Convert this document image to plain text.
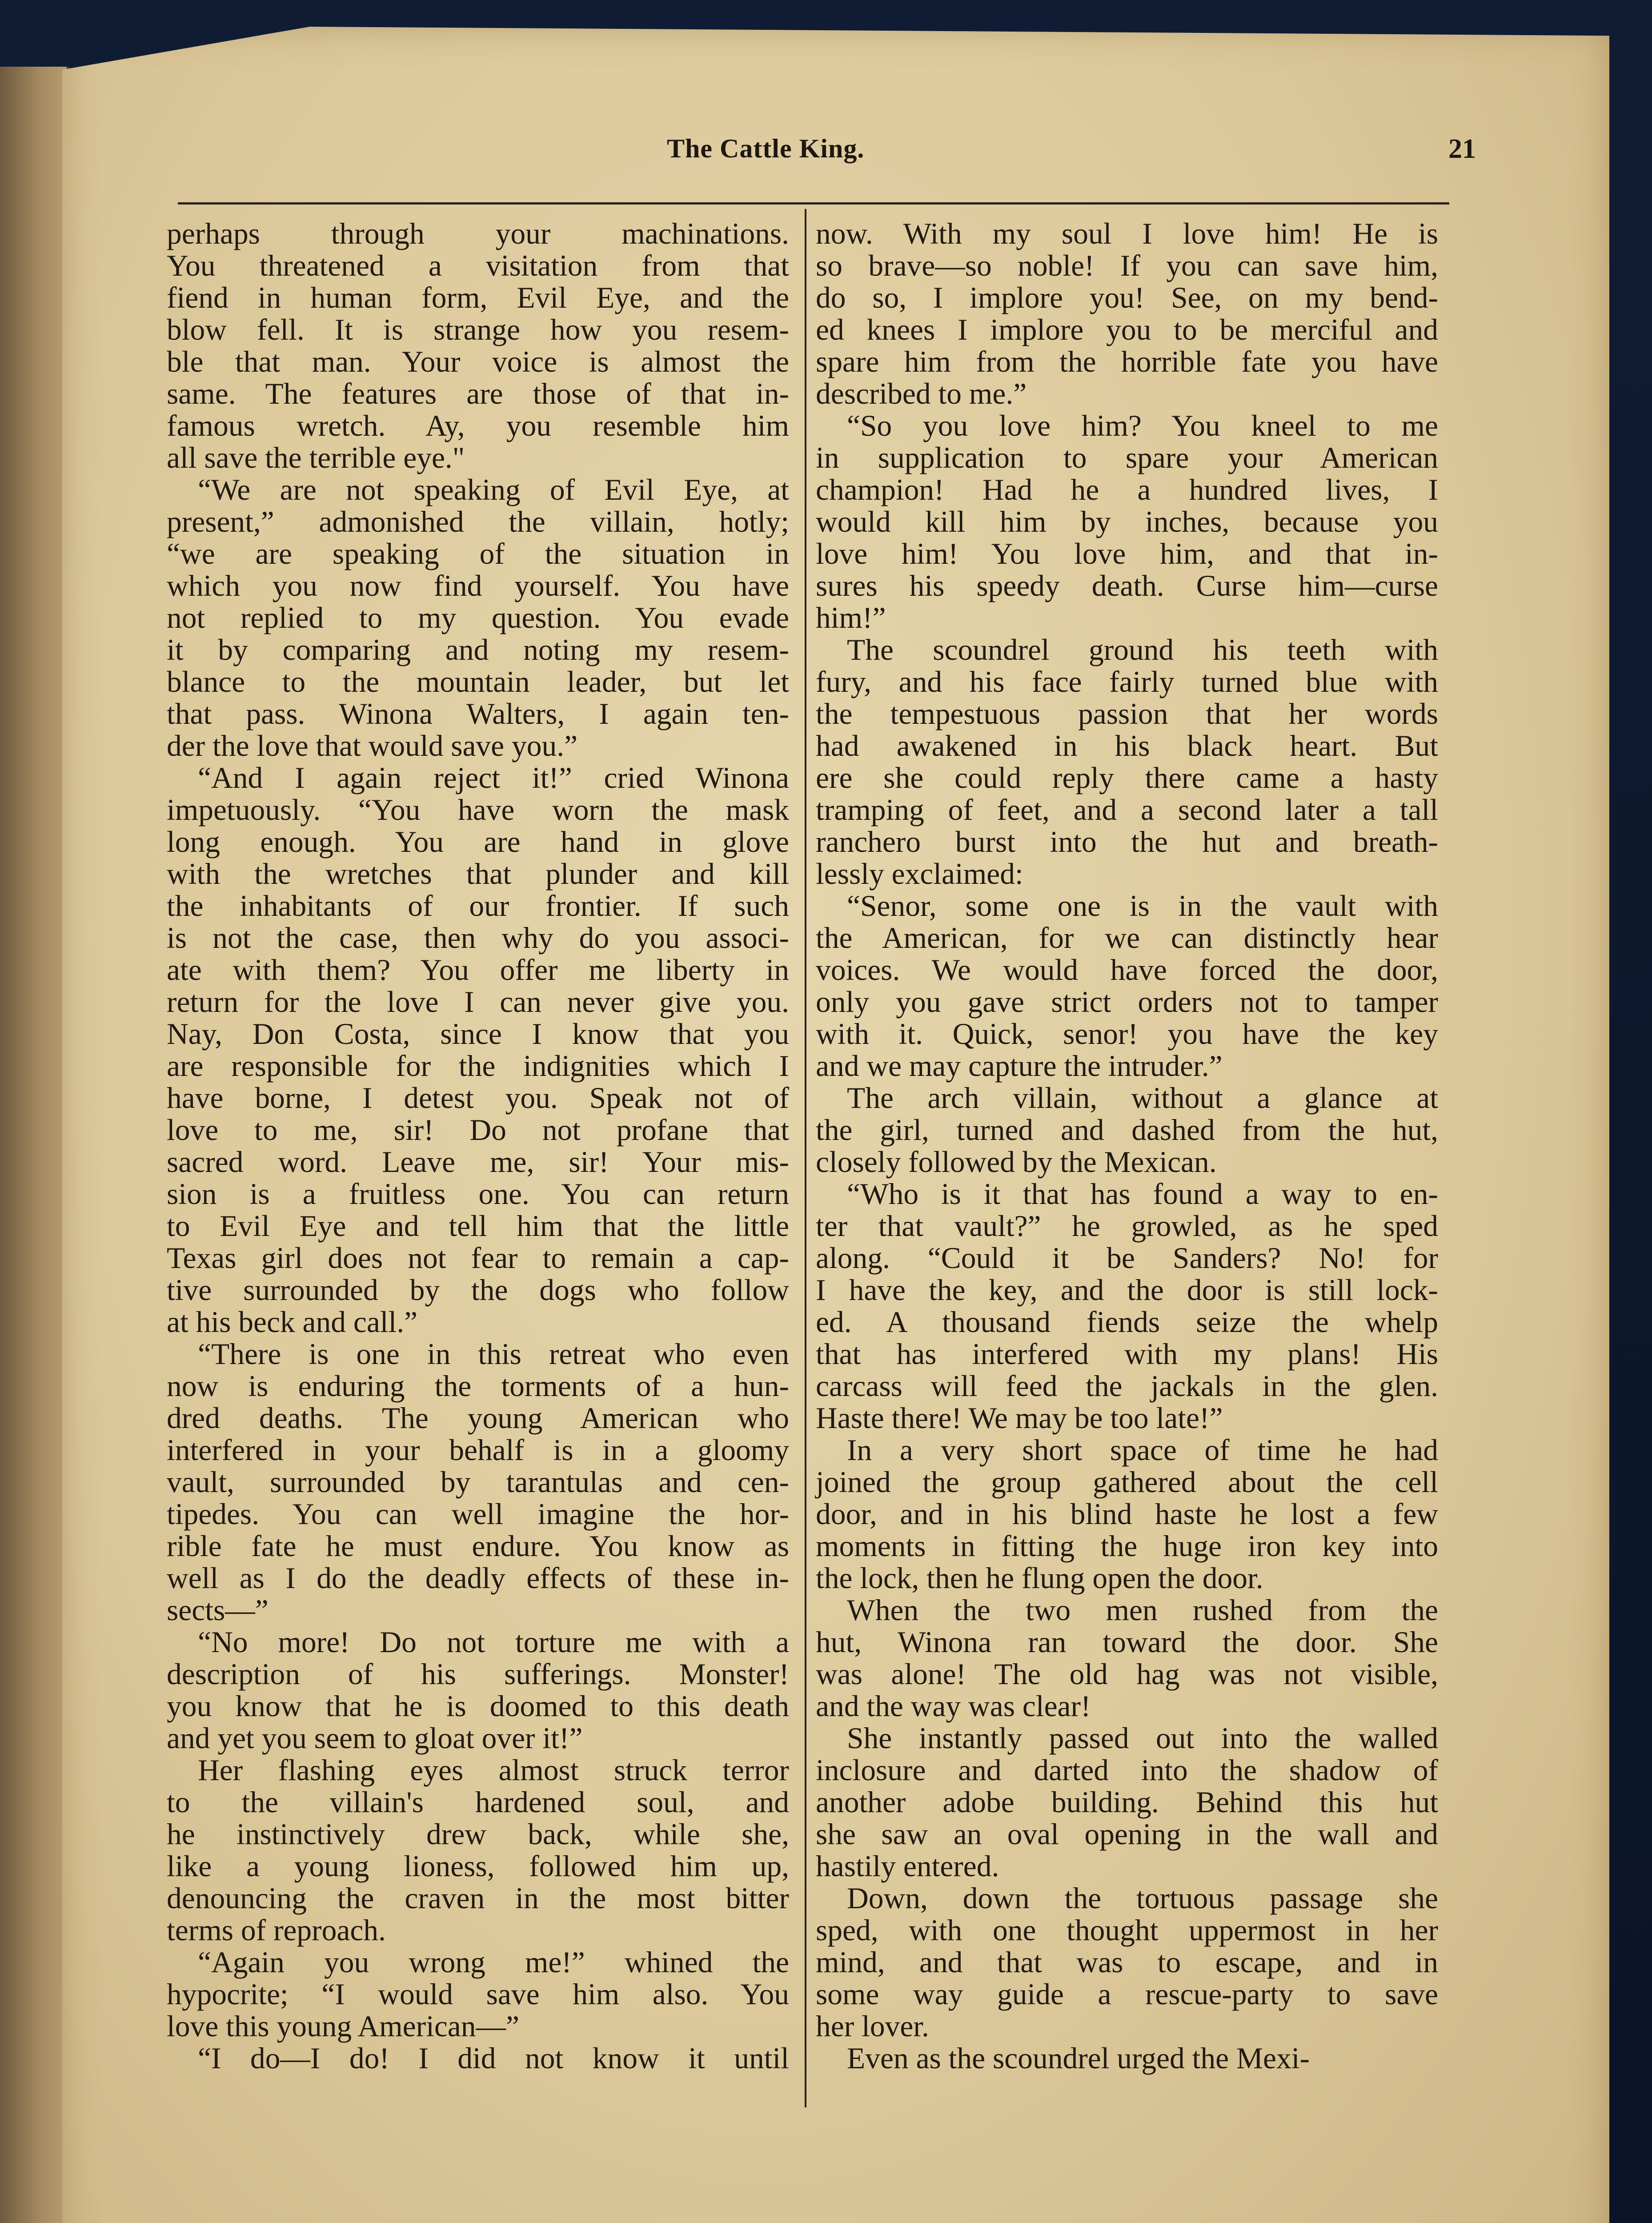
The Cattle King.	21
perhaps through your machinations.
You threatened a visitation from that
fiend in human form, Evil Eye, and the
blow fell. It is strange how you resem-
ble that man. Your voice is almost the
same. The features are those of that in-
famous wretch. Ay, you resemble him
all save the terrible eye."
“We are not speaking of Evil Eye, at
present,” admonished the villain, hotly;
“we are speaking of the situation in
which you now find yourself. You have
not replied to my question. You evade
it by comparing and noting my resem-
blance to the mountain leader, but let
that pass. Winona Walters, I again ten-
der the love that would save you.”
“And I again reject it!” cried Winona
impetuously. “You have worn the mask
long enough. You are hand in glove
with the wretches that plunder and kill
the inhabitants of our frontier. If such
is not the case, then why do you associ-
ate with them? You offer me liberty in
return for the love I can never give you.
Nay, Don Costa, since I know that you
are responsible for the indignities which I
have borne, I detest you. Speak not of
love to me, sir! Do not profane that
sacred word. Leave me, sir! Your mis-
sion is a fruitless one. You can return
to Evil Eye and tell him that the little
Texas girl does not fear to remain a cap-
tive surrounded by the dogs who follow
at his beck and call.”
“There is one in this retreat who even
now is enduring the torments of a hun-
dred deaths. The young American who
interfered in your behalf is in a gloomy
vault, surrounded by tarantulas and cen-
tipedes. You can well imagine the hor-
rible fate he must endure. You know as
well as I do the deadly effects of these in-
sects—”
“No more! Do not torture me with a
description of his sufferings. Monster!
you know that he is doomed to this death
and yet you seem to gloat over it!”
Her flashing eyes almost struck terror
to the villain's hardened soul, and
he instinctively drew back, while she,
like a young lioness, followed him up,
denouncing the craven in the most bitter
terms of reproach.
“Again you wrong me!” whined the
hypocrite; “I would save him also. You
love this young American—”
“I do—I do! I did not know it until
now. With my soul I love him! He is
so brave—so noble! If you can save him,
do so, I implore you! See, on my bend-
ed knees I implore you to be merciful and
spare him from the horrible fate you have
described to me.”
“So you love him? You kneel to me
in supplication to spare your American
champion! Had he a hundred lives, I
would kill him by inches, because you
love him! You love him, and that in-
sures his speedy death. Curse him—curse
him!”
The scoundrel ground his teeth with
fury, and his face fairly turned blue with
the tempestuous passion that her words
had awakened in his black heart. But
ere she could reply there came a hasty
tramping of feet, and a second later a tall
ranchero burst into the hut and breath-
lessly exclaimed:
“Senor, some one is in the vault with
the American, for we can distinctly hear
voices. We would have forced the door,
only you gave strict orders not to tamper
with it. Quick, senor! you have the key
and we may capture the intruder.”
The arch villain, without a glance at
the girl, turned and dashed from the hut,
closely followed by the Mexican.
“Who is it that has found a way to en-
ter that vault?” he growled, as he sped
along. “Could it be Sanders? No! for
I have the key, and the door is still lock-
ed. A thousand fiends seize the whelp
that has interfered with my plans! His
carcass will feed the jackals in the glen.
Haste there! We may be too late!”
In a very short space of time he had
joined the group gathered about the cell
door, and in his blind haste he lost a few
moments in fitting the huge iron key into
the lock, then he flung open the door.
When the two men rushed from the
hut, Winona ran toward the door. She
was alone! The old hag was not visible,
and the way was clear!
She instantly passed out into the walled
inclosure and darted into the shadow of
another adobe building. Behind this hut
she saw an oval opening in the wall and
hastily entered.
Down, down the tortuous passage she
sped, with one thought uppermost in her
mind, and that was to escape, and in
some way guide a rescue-party to save
her lover.
Even as the scoundrel urged the Mexi-
